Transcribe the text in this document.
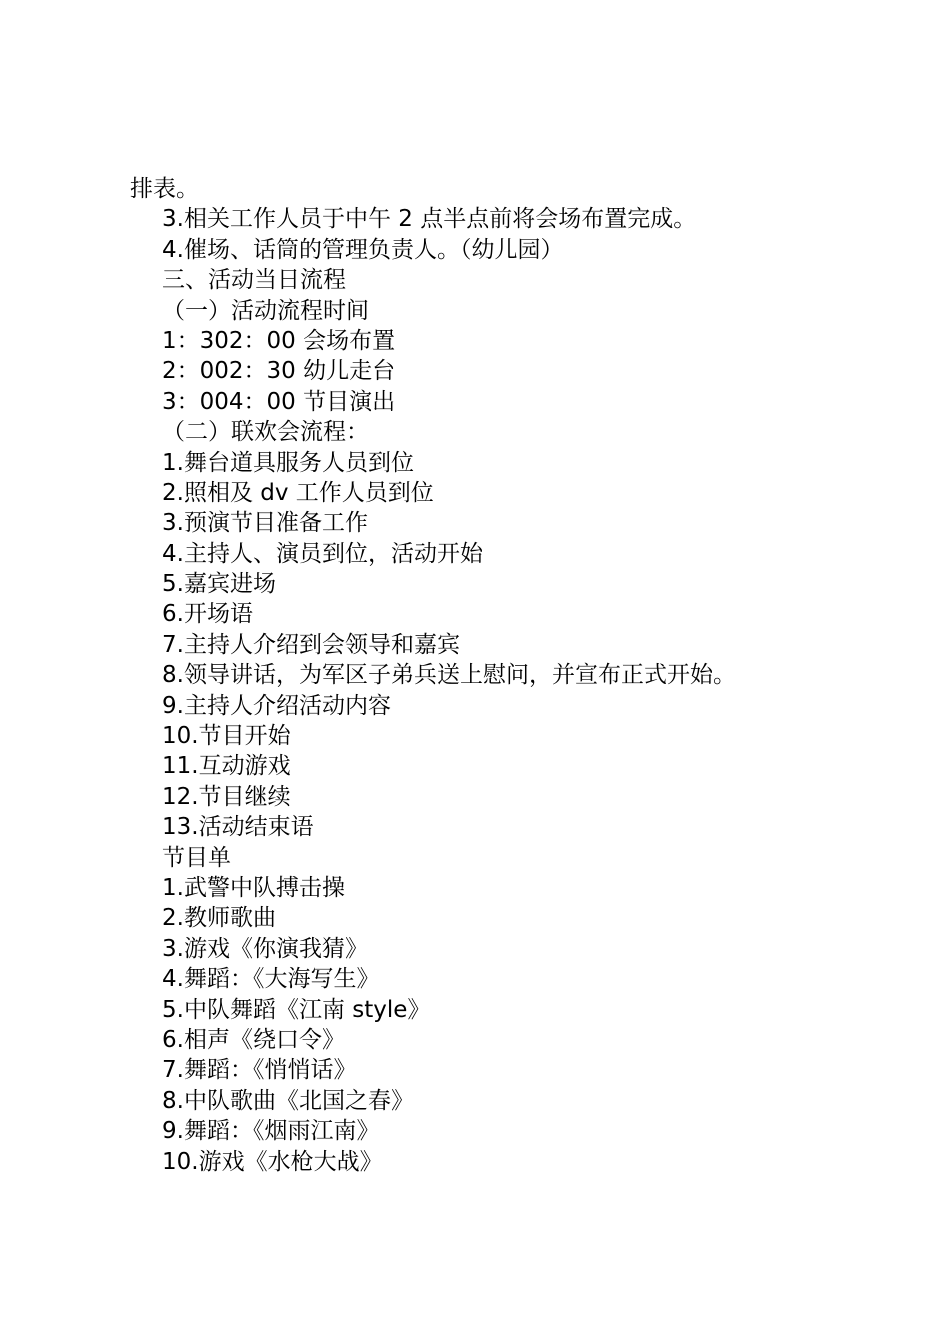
排表。
3.相关工作人员于中午 2 点半点前将会场布置完成。
4.催场、话筒的管理负责人。（幼儿园）
三、活动当日流程
（一）活动流程时间
1：302：00 会场布置
2：002：30 幼儿走台
3：004：00 节目演出
（二）联欢会流程：
1.舞台道具服务人员到位
2.照相及 dv 工作人员到位
3.预演节目准备工作
4.主持人、演员到位，活动开始
5.嘉宾进场
6.开场语
7.主持人介绍到会领导和嘉宾
8.领导讲话，为军区子弟兵送上慰问，并宣布正式开始。
9.主持人介绍活动内容
10.节目开始
11.互动游戏
12.节目继续
13.活动结束语
节目单
1.武警中队搏击操
2.教师歌曲
3.游戏《你演我猜》
4.舞蹈：《大海写生》
5.中队舞蹈《江南 style》
6.相声《绕口令》
7.舞蹈：《悄悄话》
8.中队歌曲《北国之春》
9.舞蹈：《烟雨江南》
10.游戏《水枪大战》
